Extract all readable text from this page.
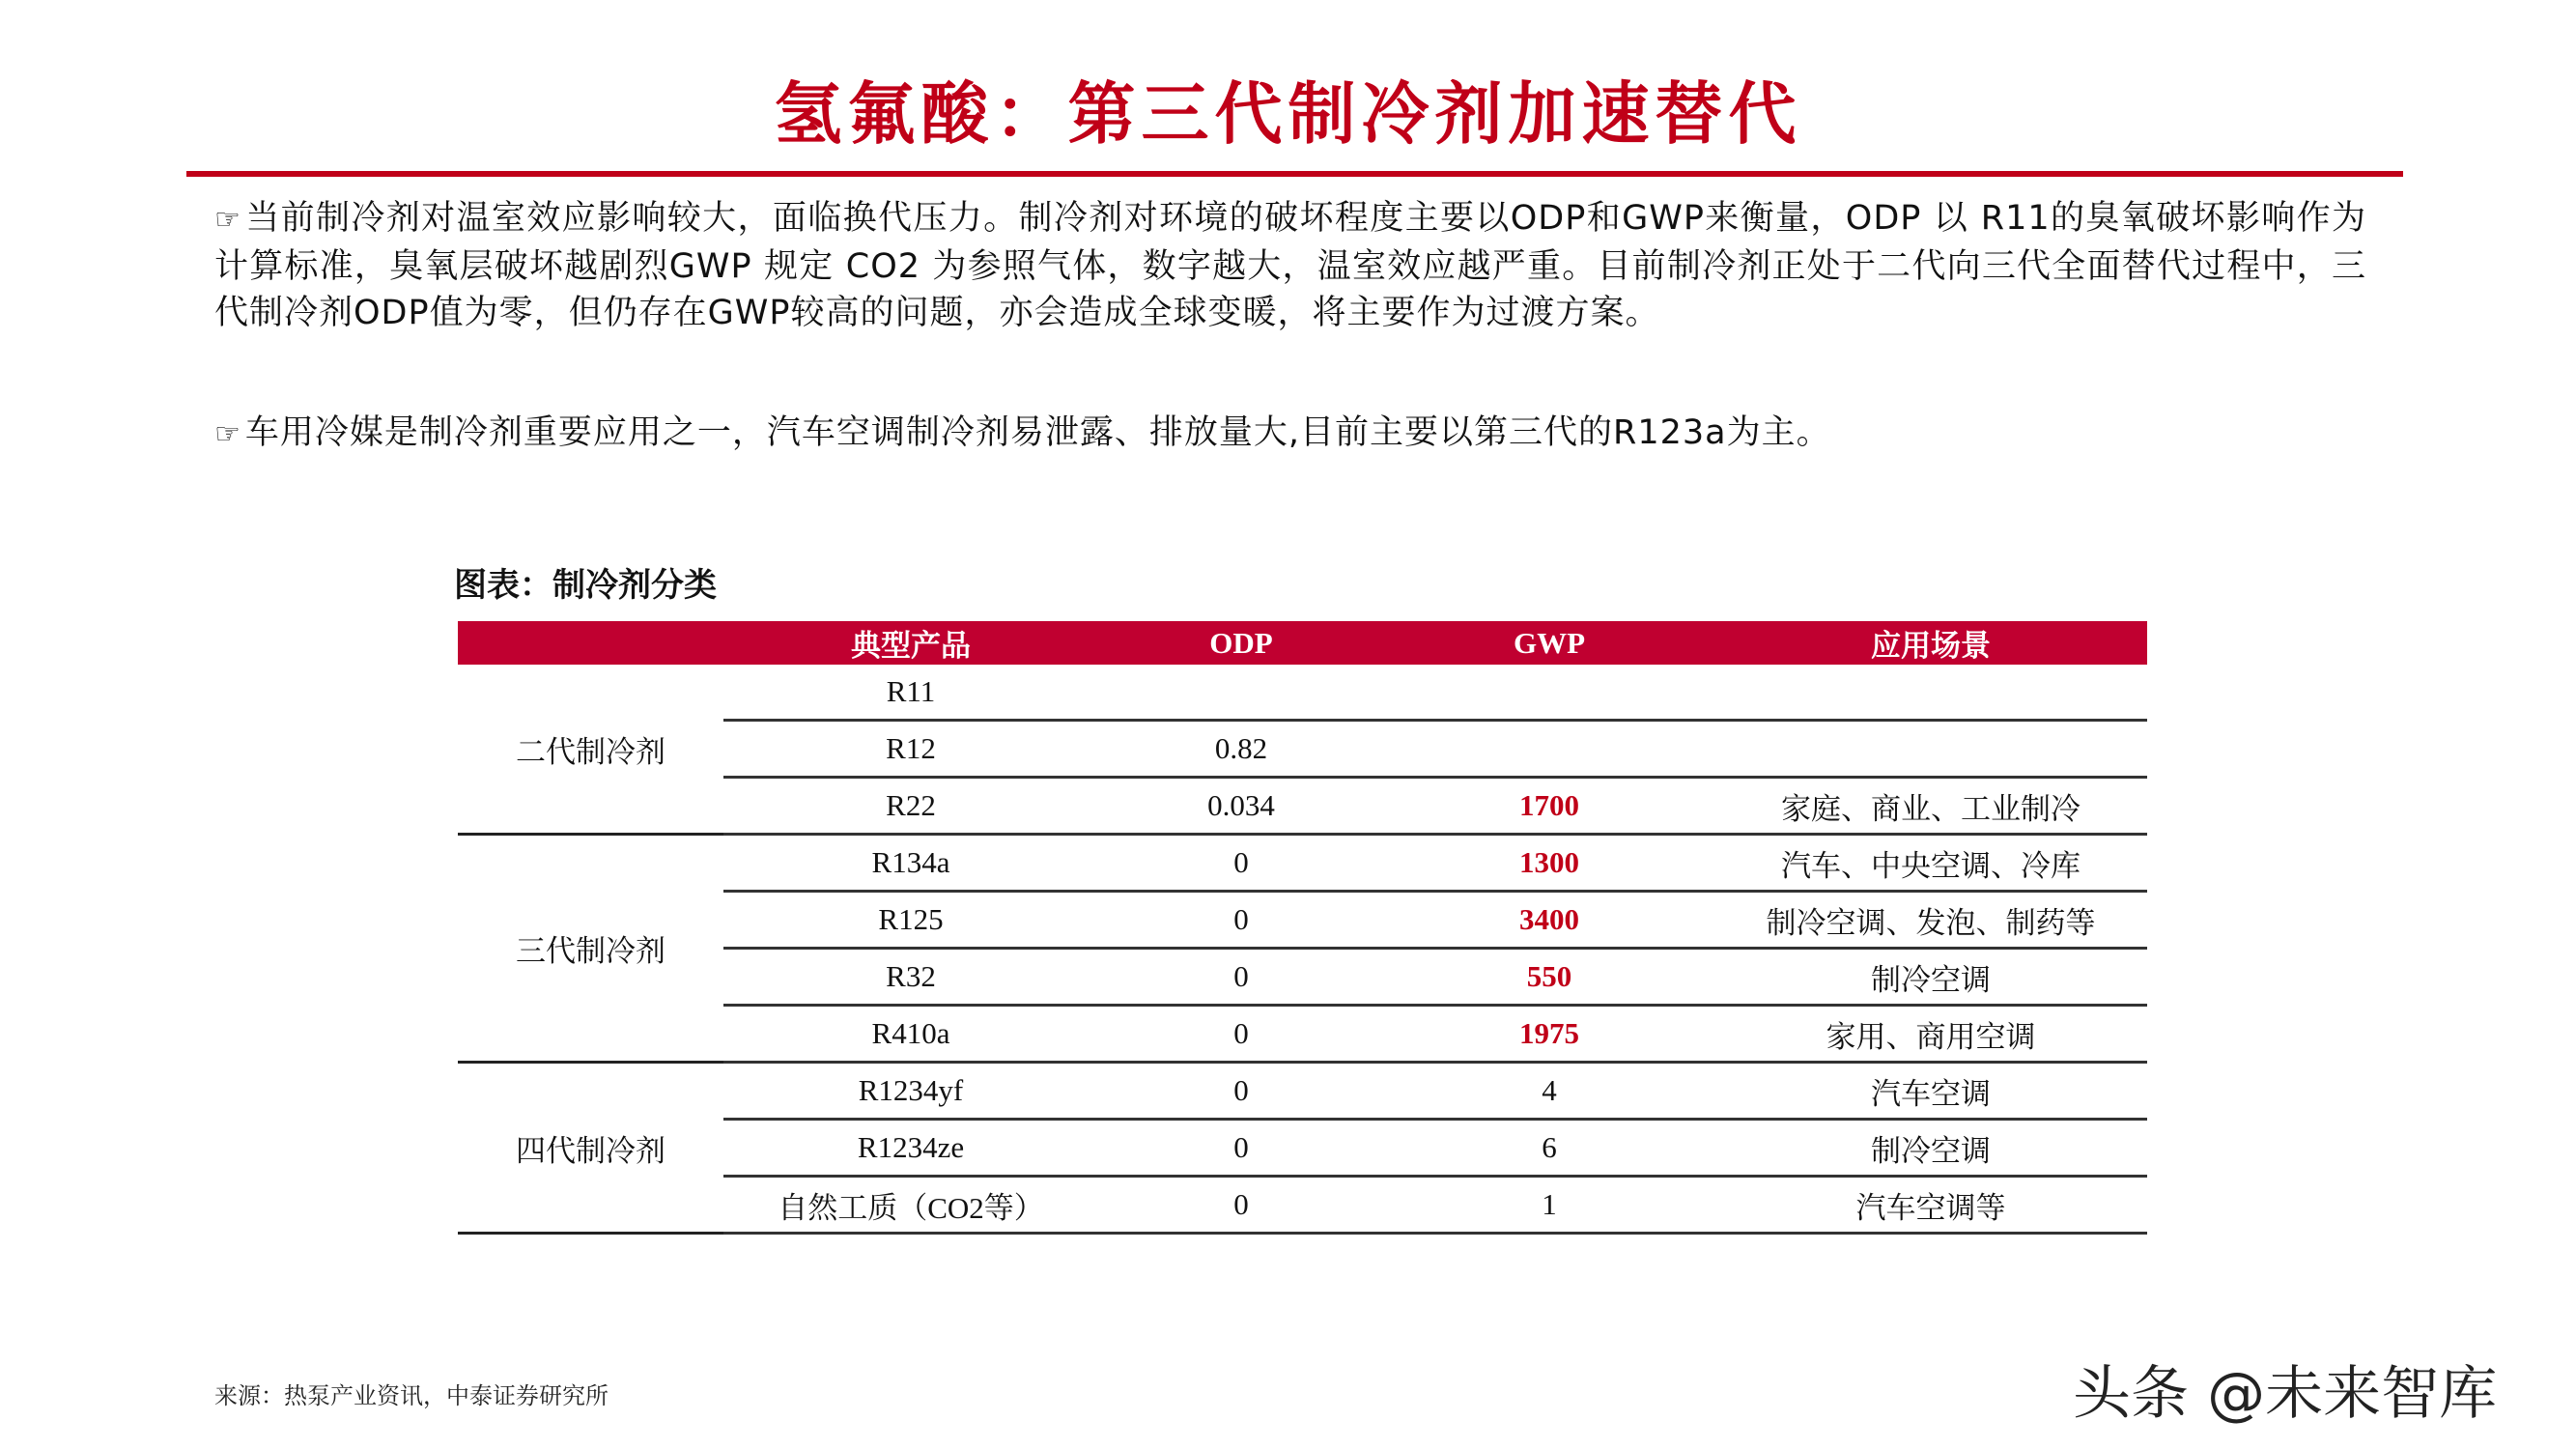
氢氟酸：第三代制冷剂加速替代
☞ 当前制冷剂对温室效应影响较大，面临换代压力。制冷剂对环境的破坏程度主要以ODP和GWP来衡量，ODP 以 R11的臭氧破坏影响作为计算标准，臭氧层破坏越剧烈GWP 规定 CO2 为参照气体，数字越大，温室效应越严重。目前制冷剂正处于二代向三代全面替代过程中，三代制冷剂ODP值为零，但仍存在GWP较高的问题，亦会造成全球变暖，将主要作为过渡方案。
☞ 车用冷媒是制冷剂重要应用之一，汽车空调制冷剂易泄露、排放量大,目前主要以第三代的R123a为主。
图表：制冷剂分类
	典型产品	ODP	GWP	应用场景
二代制冷剂	R11			
	R12	0.82		
	R22	0.034	1700	家庭、商业、工业制冷
三代制冷剂	R134a	0	1300	汽车、中央空调、冷库
	R125	0	3400	制冷空调、发泡、制药等
	R32	0	550	制冷空调
	R410a	0	1975	家用、商用空调
四代制冷剂	R1234yf	0	4	汽车空调
	R1234ze	0	6	制冷空调
	自然工质（CO2等）	0	1	汽车空调等
来源：热泵产业资讯，中泰证券研究所	头条 @未来智库
